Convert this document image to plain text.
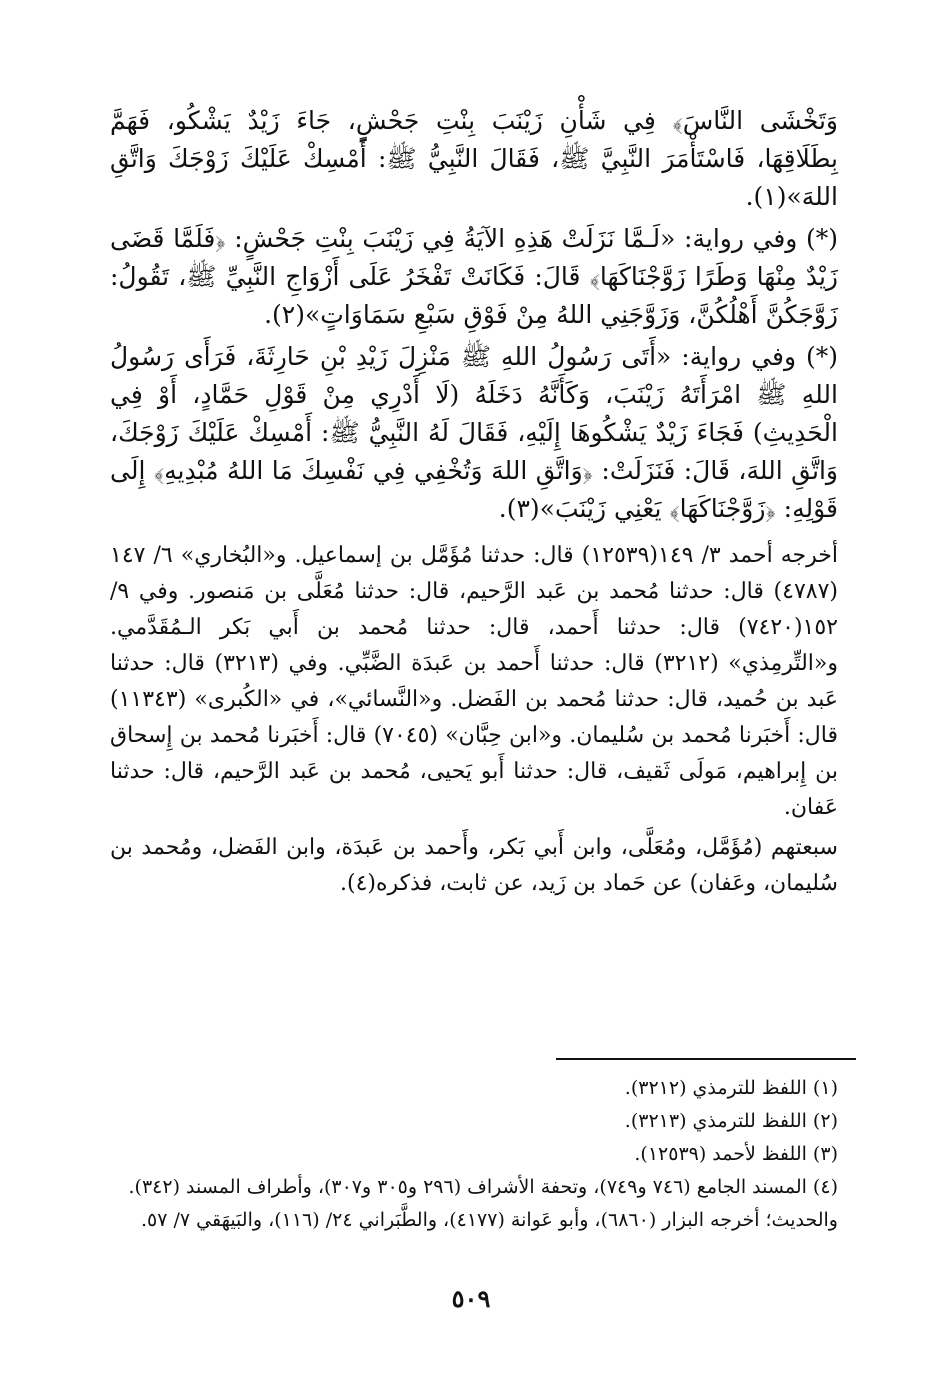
وَتَخْشَى النَّاسَ﴾ فِي شَأْنِ زَيْنَبَ بِنْتِ جَحْشٍ، جَاءَ زَيْدٌ يَشْكُو، فَهَمَّ بِطَلَاقِهَا، فَاسْتَأْمَرَ النَّبِيَّ ﷺ، فَقَالَ النَّبِيُّ ﷺ: أَمْسِكْ عَلَيْكَ زَوْجَكَ وَاتَّقِ اللهَ»(١).

(*) وفي رواية: «لَـمَّا نَزَلَتْ هَذِهِ الآيَةُ فِي زَيْنَبَ بِنْتِ جَحْشٍ: ﴿فَلَمَّا قَضَى زَيْدٌ مِنْهَا وَطَرًا زَوَّجْنَاكَهَا﴾ قَالَ: فَكَانَتْ تَفْخَرُ عَلَى أَزْوَاجِ النَّبِيِّ ﷺ، تَقُولُ: زَوَّجَكُنَّ أَهْلُكُنَّ، وَزَوَّجَنِي اللهُ مِنْ فَوْقِ سَبْعِ سَمَاوَاتٍ»(٢).

(*) وفي رواية: «أَتَى رَسُولُ اللهِ ﷺ مَنْزِلَ زَيْدِ بْنِ حَارِثَةَ، فَرَأَى رَسُولُ اللهِ ﷺ امْرَأَتَهُ زَيْنَبَ، وَكَأَنَّهُ دَخَلَهُ (لَا أَدْرِي مِنْ قَوْلِ حَمَّادٍ، أَوْ فِي الْحَدِيثِ) فَجَاءَ زَيْدٌ يَشْكُوهَا إِلَيْهِ، فَقَالَ لَهُ النَّبِيُّ ﷺ: أَمْسِكْ عَلَيْكَ زَوْجَكَ، وَاتَّقِ اللهَ، قَالَ: فَنَزَلَتْ: ﴿وَاتَّقِ اللهَ وَتُخْفِي فِي نَفْسِكَ مَا اللهُ مُبْدِيهِ﴾ إِلَى قَوْلِهِ: ﴿زَوَّجْنَاكَهَا﴾ يَعْنِي زَيْنَبَ»(٣).

أخرجه أحمد ٣/ ١٤٩(١٢٥٣٩) قال: حدثنا مُؤَمَّل بن إسماعيل. و«البُخاري» ٦/ ١٤٧ (٤٧٨٧) قال: حدثنا مُحمد بن عَبد الرَّحيم، قال: حدثنا مُعَلَّى بن مَنصور. وفي ٩/ ١٥٢(٧٤٢٠) قال: حدثنا أَحمد، قال: حدثنا مُحمد بن أَبي بَكر الـمُقَدَّمي. و«التِّرمِذي» (٣٢١٢) قال: حدثنا أَحمد بن عَبدَة الضَّبِّي. وفي (٣٢١٣) قال: حدثنا عَبد بن حُميد، قال: حدثنا مُحمد بن الفَضل. و«النَّسائي»، في «الكُبرى» (١١٣٤٣) قال: أَخبَرنا مُحمد بن سُليمان. و«ابن حِبَّان» (٧٠٤٥) قال: أَخبَرنا مُحمد بن إِسحاق بن إِبراهيم، مَولَى ثَقيف، قال: حدثنا أَبو يَحيى، مُحمد بن عَبد الرَّحيم، قال: حدثنا عَفان.

سبعتهم (مُؤَمَّل، ومُعَلَّى، وابن أَبي بَكر، وأَحمد بن عَبدَة، وابن الفَضل، ومُحمد بن سُليمان، وعَفان) عن حَماد بن زَيد، عن ثابت، فذكره(٤).

(١) اللفظ للترمذي (٣٢١٢).

(٢) اللفظ للترمذي (٣٢١٣).

(٣) اللفظ لأحمد (١٢٥٣٩).

(٤) المسند الجامع (٧٤٦ و٧٤٩)، وتحفة الأشراف (٢٩٦ و٣٠٥ و٣٠٧)، وأطراف المسند (٣٤٢). والحديث؛ أخرجه البزار (٦٨٦٠)، وأبو عَوانة (٤١٧٧)، والطَّبَراني ٢٤/ (١١٦)، والبَيهَقي ٧/ ٥٧.

٥٠٩
